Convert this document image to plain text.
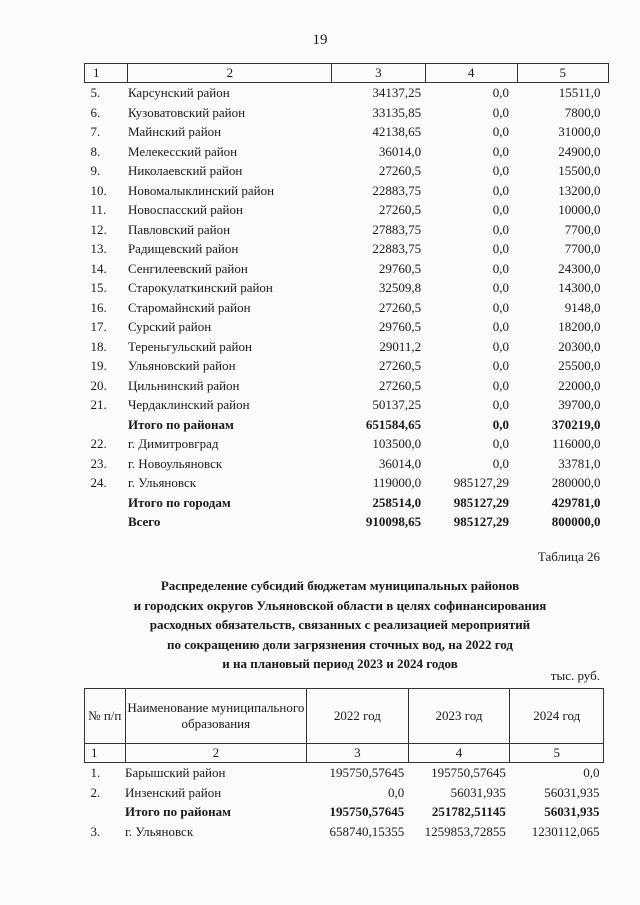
19
1	2	3	4	5
5.	Карсунский район	34137,25	0,0	15511,0
6.	Кузоватовский район	33135,85	0,0	7800,0
7.	Майнский район	42138,65	0,0	31000,0
8.	Мелекесский район	36014,0	0,0	24900,0
9.	Николаевский район	27260,5	0,0	15500,0
10.	Новомалыклинский район	22883,75	0,0	13200,0
11.	Новоспасский район	27260,5	0,0	10000,0
12.	Павловский район	27883,75	0,0	7700,0
13.	Радищевский район	22883,75	0,0	7700,0
14.	Сенгилеевский район	29760,5	0,0	24300,0
15.	Старокулаткинский район	32509,8	0,0	14300,0
16.	Старомайнский район	27260,5	0,0	9148,0
17.	Сурский район	29760,5	0,0	18200,0
18.	Тереньгульский район	29011,2	0,0	20300,0
19.	Ульяновский район	27260,5	0,0	25500,0
20.	Цильнинский район	27260,5	0,0	22000,0
21.	Чердаклинский район	50137,25	0,0	39700,0
	Итого по районам	651584,65	0,0	370219,0
22.	г. Димитровград	103500,0	0,0	116000,0
23.	г. Новоульяновск	36014,0	0,0	33781,0
24.	г. Ульяновск	119000,0	985127,29	280000,0
	Итого по городам	258514,0	985127,29	429781,0
	Всего	910098,65	985127,29	800000,0
Таблица 26
Распределение субсидий бюджетам муниципальных районов
и городских округов Ульяновской области в целях софинансирования
расходных обязательств, связанных с реализацией мероприятий
по сокращению доли загрязнения сточных вод, на 2022 год
и на плановый период 2023 и 2024 годов
тыс. руб.
№ п/п	Наименование муниципального образования	2022 год	2023 год	2024 год
1	2	3	4	5
1.	Барышский район	195750,57645	195750,57645	0,0
2.	Инзенский район	0,0	56031,935	56031,935
	Итого по районам	195750,57645	251782,51145	56031,935
3.	г. Ульяновск	658740,15355	1259853,72855	1230112,065
